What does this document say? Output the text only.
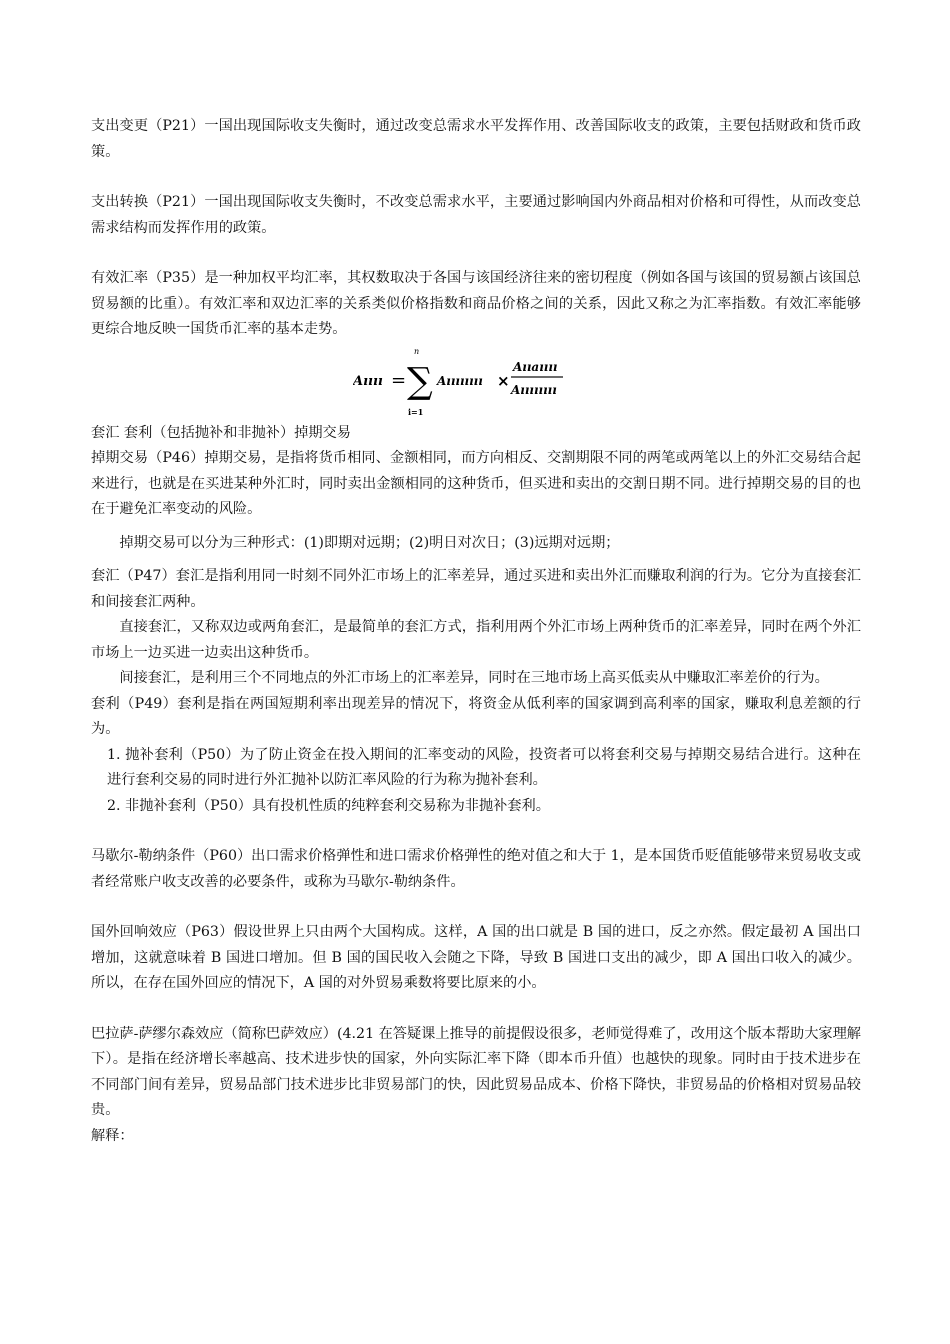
支出变更（P21）一国出现国际收支失衡时，通过改变总需求水平发挥作用、改善国际收支的政策，主要包括财政和货币政策。

支出转换（P21）一国出现国际收支失衡时，不改变总需求水平，主要通过影响国内外商品相对价格和可得性，从而改变总需求结构而发挥作用的政策。

有效汇率（P35）是一种加权平均汇率，其权数取决于各国与该国经济往来的密切程度（例如各国与该国的贸易额占该国总贸易额的比重）。有效汇率和双边汇率的关系类似价格指数和商品价格之间的关系，因此又称之为汇率指数。有效汇率能够更综合地反映一国货币汇率的基本走势。

Aıııı =
n
∑
i=1
Aıııııııı ×
Aııaıııı
Aıııııııı

套汇 套利（包括抛补和非抛补）掉期交易

掉期交易（P46）掉期交易，是指将货币相同、金额相同，而方向相反、交割期限不同的两笔或两笔以上的外汇交易结合起来进行，也就是在买进某种外汇时，同时卖出金额相同的这种货币，但买进和卖出的交割日期不同。进行掉期交易的目的也在于避免汇率变动的风险。

掉期交易可以分为三种形式：(1)即期对远期；(2)明日对次日；(3)远期对远期；

套汇（P47）套汇是指利用同一时刻不同外汇市场上的汇率差异，通过买进和卖出外汇而赚取利润的行为。它分为直接套汇和间接套汇两种。

直接套汇，又称双边或两角套汇，是最简单的套汇方式，指利用两个外汇市场上两种货币的汇率差异，同时在两个外汇市场上一边买进一边卖出这种货币。

间接套汇，是利用三个不同地点的外汇市场上的汇率差异，同时在三地市场上高买低卖从中赚取汇率差价的行为。

套利（P49）套利是指在两国短期利率出现差异的情况下，将资金从低利率的国家调到高利率的国家，赚取利息差额的行为。

1. 抛补套利（P50）为了防止资金在投入期间的汇率变动的风险，投资者可以将套利交易与掉期交易结合进行。这种在进行套利交易的同时进行外汇抛补以防汇率风险的行为称为抛补套利。

2. 非抛补套利（P50）具有投机性质的纯粹套利交易称为非抛补套利。

马歇尔-勒纳条件（P60）出口需求价格弹性和进口需求价格弹性的绝对值之和大于 1，是本国货币贬值能够带来贸易收支或者经常账户收支改善的必要条件，或称为马歇尔-勒纳条件。

国外回响效应（P63）假设世界上只由两个大国构成。这样，A 国的出口就是 B 国的进口，反之亦然。假定最初 A 国出口增加，这就意味着 B 国进口增加。但 B 国的国民收入会随之下降，导致 B 国进口支出的减少，即 A 国出口收入的减少。所以，在存在国外回应的情况下，A 国的对外贸易乘数将要比原来的小。

巴拉萨-萨缪尔森效应（简称巴萨效应）(4.21 在答疑课上推导的前提假设很多，老师觉得难了，改用这个版本帮助大家理解下）。是指在经济增长率越高、技术进步快的国家，外向实际汇率下降（即本币升值）也越快的现象。同时由于技术进步在不同部门间有差异，贸易品部门技术进步比非贸易部门的快，因此贸易品成本、价格下降快，非贸易品的价格相对贸易品较贵。

解释：
